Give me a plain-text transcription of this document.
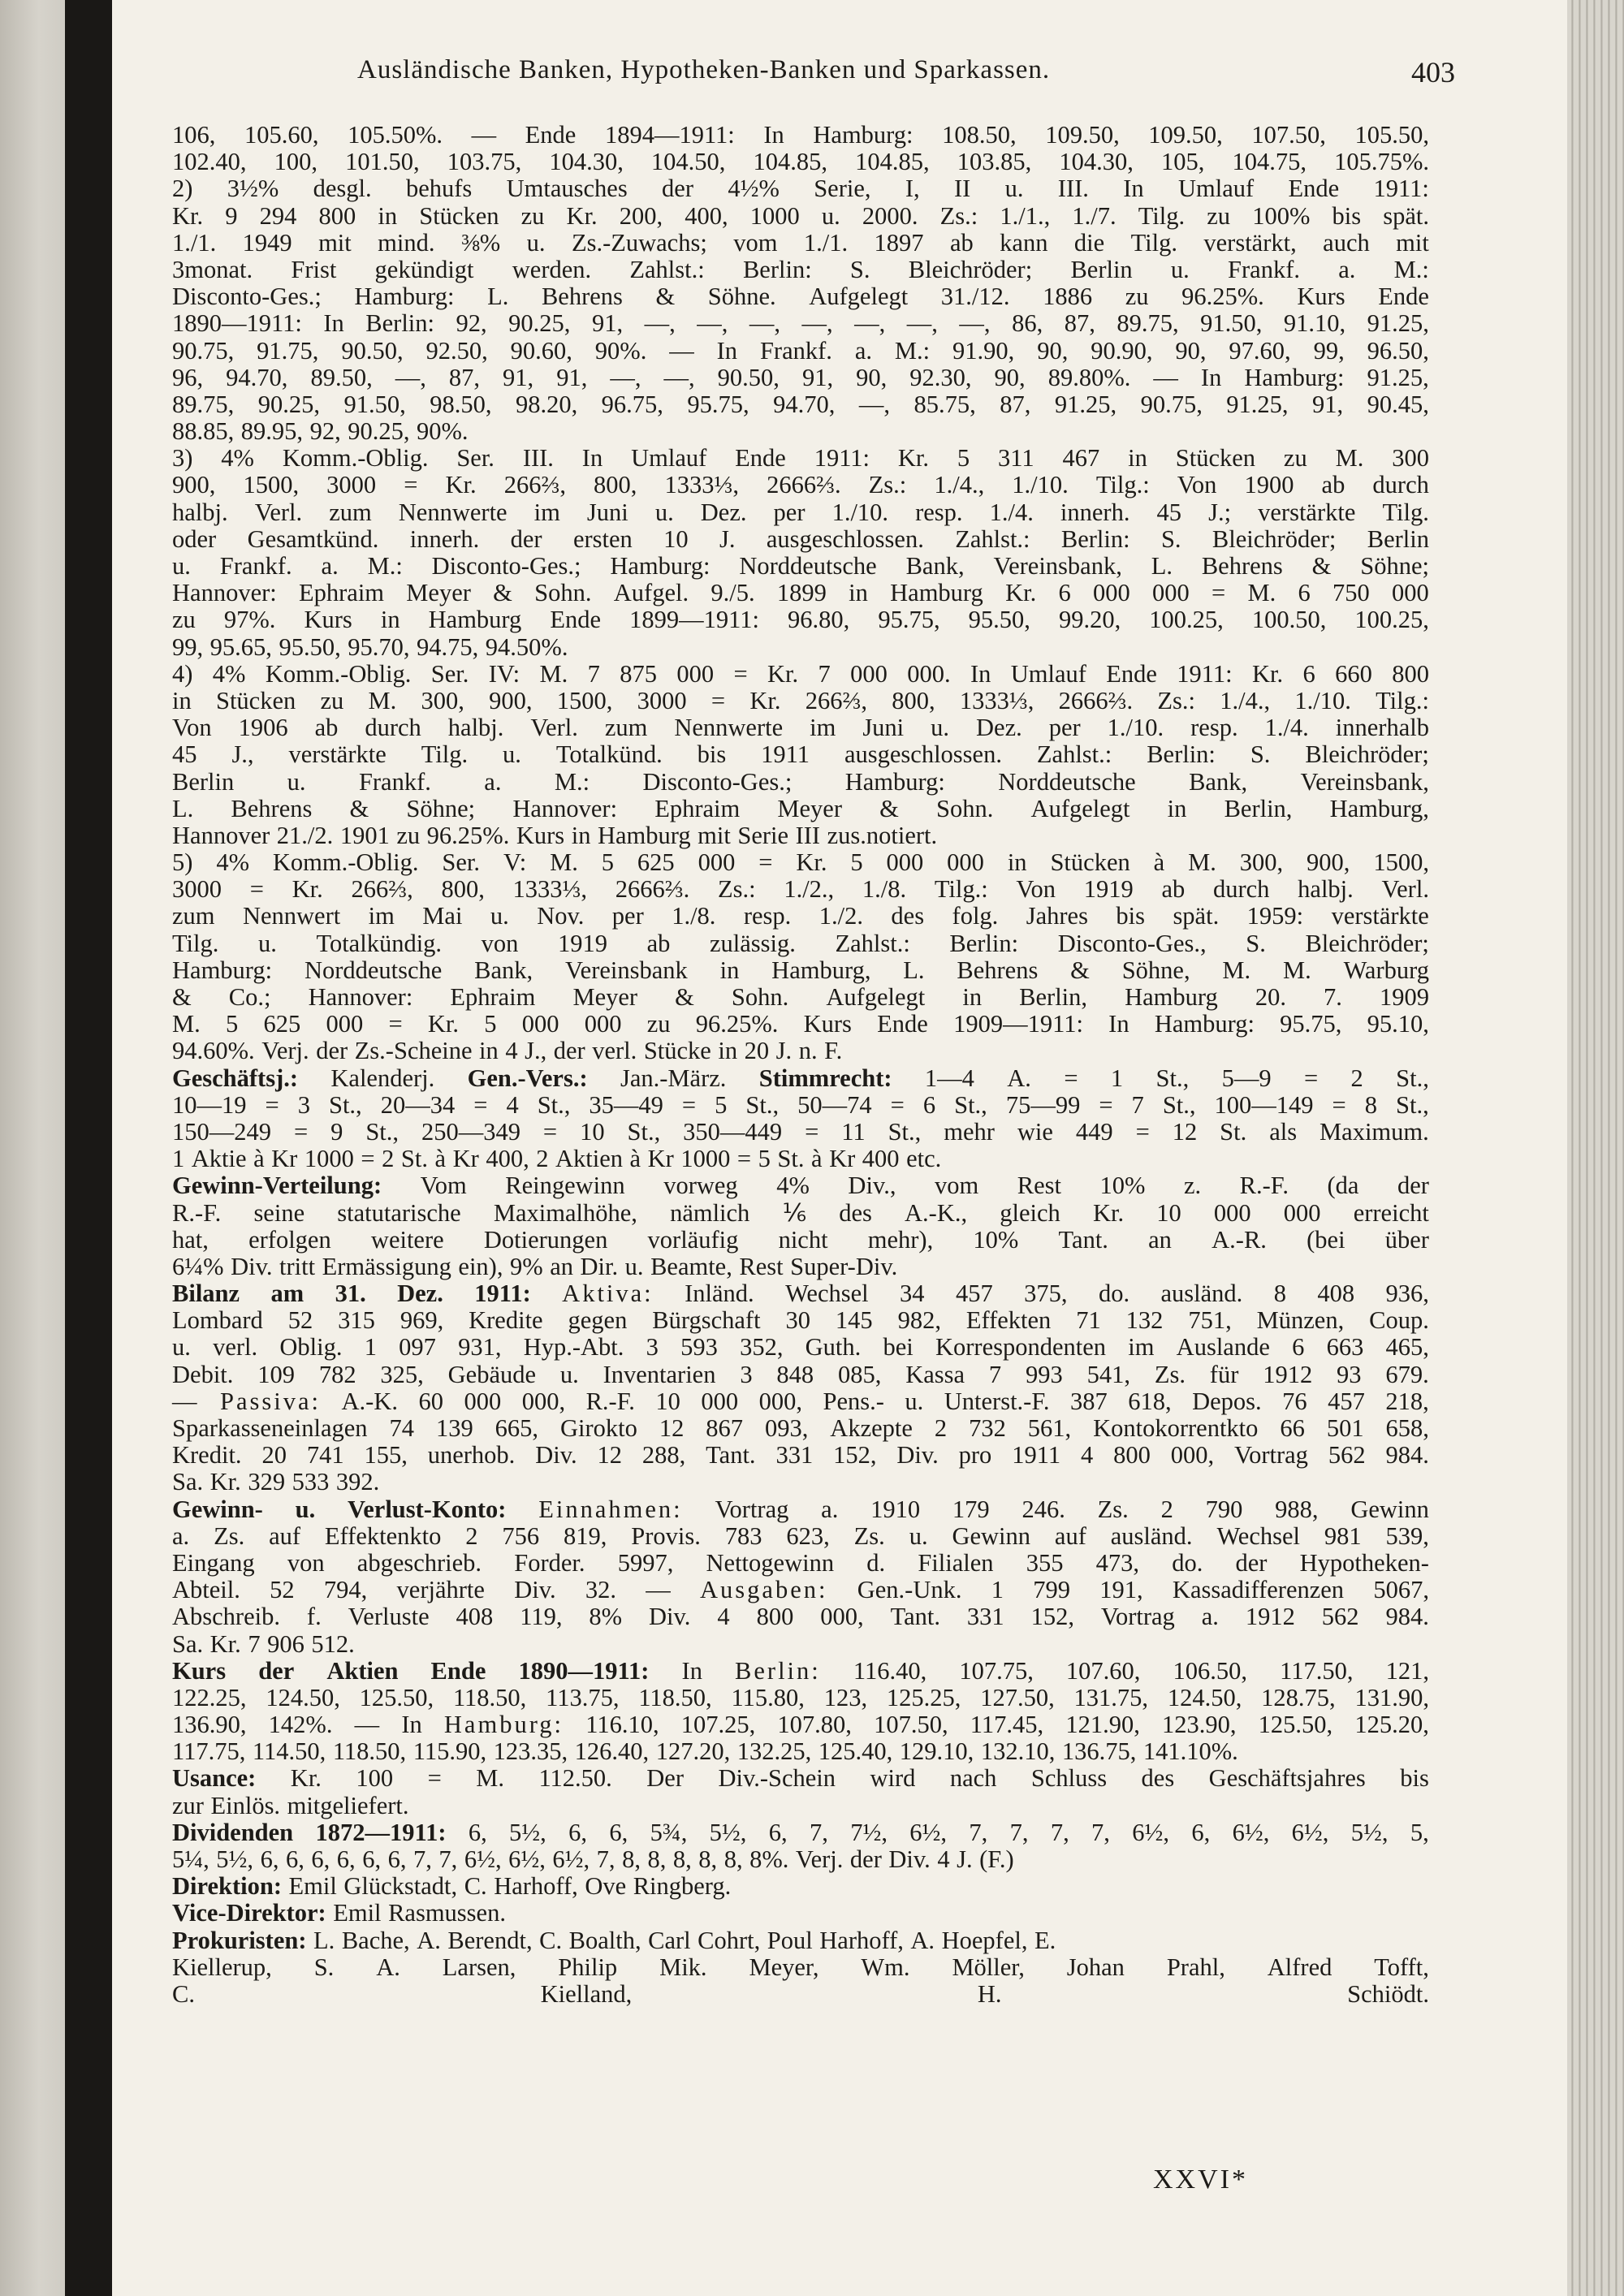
Ausländische Banken, Hypotheken-Banken und Sparkassen.	403
106, 105.60, 105.50%. — Ende 1894—1911: In Hamburg: 108.50, 109.50, 109.50, 107.50, 105.50,
102.40, 100, 101.50, 103.75, 104.30, 104.50, 104.85, 104.85, 103.85, 104.30, 105, 104.75, 105.75%.
2) 3½% desgl. behufs Umtausches der 4½% Serie, I, II u. III. In Umlauf Ende 1911:
Kr. 9 294 800 in Stücken zu Kr. 200, 400, 1000 u. 2000. Zs.: 1./1., 1./7. Tilg. zu 100% bis spät.
1./1. 1949 mit mind. ⅜% u. Zs.-Zuwachs; vom 1./1. 1897 ab kann die Tilg. verstärkt, auch mit
3monat. Frist gekündigt werden. Zahlst.: Berlin: S. Bleichröder; Berlin u. Frankf. a. M.:
Disconto-Ges.; Hamburg: L. Behrens & Söhne. Aufgelegt 31./12. 1886 zu 96.25%. Kurs Ende
1890—1911: In Berlin: 92, 90.25, 91, —, —, —, —, —, —, —, 86, 87, 89.75, 91.50, 91.10, 91.25,
90.75, 91.75, 90.50, 92.50, 90.60, 90%. — In Frankf. a. M.: 91.90, 90, 90.90, 90, 97.60, 99, 96.50,
96, 94.70, 89.50, —, 87, 91, 91, —, —, 90.50, 91, 90, 92.30, 90, 89.80%. — In Hamburg: 91.25,
89.75, 90.25, 91.50, 98.50, 98.20, 96.75, 95.75, 94.70, —, 85.75, 87, 91.25, 90.75, 91.25, 91, 90.45,
88.85, 89.95, 92, 90.25, 90%.
3) 4% Komm.-Oblig. Ser. III. In Umlauf Ende 1911: Kr. 5 311 467 in Stücken zu M. 300
900, 1500, 3000 = Kr. 266⅔, 800, 1333⅓, 2666⅔. Zs.: 1./4., 1./10. Tilg.: Von 1900 ab durch
halbj. Verl. zum Nennwerte im Juni u. Dez. per 1./10. resp. 1./4. innerh. 45 J.; verstärkte Tilg.
oder Gesamtkünd. innerh. der ersten 10 J. ausgeschlossen. Zahlst.: Berlin: S. Bleichröder; Berlin
u. Frankf. a. M.: Disconto-Ges.; Hamburg: Norddeutsche Bank, Vereinsbank, L. Behrens & Söhne;
Hannover: Ephraim Meyer & Sohn. Aufgel. 9./5. 1899 in Hamburg Kr. 6 000 000 = M. 6 750 000
zu 97%. Kurs in Hamburg Ende 1899—1911: 96.80, 95.75, 95.50, 99.20, 100.25, 100.50, 100.25,
99, 95.65, 95.50, 95.70, 94.75, 94.50%.
4) 4% Komm.-Oblig. Ser. IV: M. 7 875 000 = Kr. 7 000 000. In Umlauf Ende 1911: Kr. 6 660 800
in Stücken zu M. 300, 900, 1500, 3000 = Kr. 266⅔, 800, 1333⅓, 2666⅔. Zs.: 1./4., 1./10. Tilg.:
Von 1906 ab durch halbj. Verl. zum Nennwerte im Juni u. Dez. per 1./10. resp. 1./4. innerhalb
45 J., verstärkte Tilg. u. Totalkünd. bis 1911 ausgeschlossen. Zahlst.: Berlin: S. Bleichröder;
Berlin u. Frankf. a. M.: Disconto-Ges.; Hamburg: Norddeutsche Bank, Vereinsbank,
L. Behrens & Söhne; Hannover: Ephraim Meyer & Sohn. Aufgelegt in Berlin, Hamburg,
Hannover 21./2. 1901 zu 96.25%. Kurs in Hamburg mit Serie III zus.notiert.
5) 4% Komm.-Oblig. Ser. V: M. 5 625 000 = Kr. 5 000 000 in Stücken à M. 300, 900, 1500,
3000 = Kr. 266⅔, 800, 1333⅓, 2666⅔. Zs.: 1./2., 1./8. Tilg.: Von 1919 ab durch halbj. Verl.
zum Nennwert im Mai u. Nov. per 1./8. resp. 1./2. des folg. Jahres bis spät. 1959: verstärkte
Tilg. u. Totalkündig. von 1919 ab zulässig. Zahlst.: Berlin: Disconto-Ges., S. Bleichröder;
Hamburg: Norddeutsche Bank, Vereinsbank in Hamburg, L. Behrens & Söhne, M. M. Warburg
& Co.; Hannover: Ephraim Meyer & Sohn. Aufgelegt in Berlin, Hamburg 20. 7. 1909
M. 5 625 000 = Kr. 5 000 000 zu 96.25%. Kurs Ende 1909—1911: In Hamburg: 95.75, 95.10,
94.60%. Verj. der Zs.-Scheine in 4 J., der verl. Stücke in 20 J. n. F.
Geschäftsj.: Kalenderj. Gen.-Vers.: Jan.-März. Stimmrecht: 1—4 A. = 1 St., 5—9 = 2 St.,
10—19 = 3 St., 20—34 = 4 St., 35—49 = 5 St., 50—74 = 6 St., 75—99 = 7 St., 100—149 = 8 St.,
150—249 = 9 St., 250—349 = 10 St., 350—449 = 11 St., mehr wie 449 = 12 St. als Maximum.
1 Aktie à Kr 1000 = 2 St. à Kr 400, 2 Aktien à Kr 1000 = 5 St. à Kr 400 etc.
Gewinn-Verteilung: Vom Reingewinn vorweg 4% Div., vom Rest 10% z. R.-F. (da der
R.-F. seine statutarische Maximalhöhe, nämlich ⅙ des A.-K., gleich Kr. 10 000 000 erreicht
hat, erfolgen weitere Dotierungen vorläufig nicht mehr), 10% Tant. an A.-R. (bei über
6¼% Div. tritt Ermässigung ein), 9% an Dir. u. Beamte, Rest Super-Div.
Bilanz am 31. Dez. 1911: Aktiva: Inländ. Wechsel 34 457 375, do. ausländ. 8 408 936,
Lombard 52 315 969, Kredite gegen Bürgschaft 30 145 982, Effekten 71 132 751, Münzen, Coup.
u. verl. Oblig. 1 097 931, Hyp.-Abt. 3 593 352, Guth. bei Korrespondenten im Auslande 6 663 465,
Debit. 109 782 325, Gebäude u. Inventarien 3 848 085, Kassa 7 993 541, Zs. für 1912 93 679.
— Passiva: A.-K. 60 000 000, R.-F. 10 000 000, Pens.- u. Unterst.-F. 387 618, Depos. 76 457 218,
Sparkasseneinlagen 74 139 665, Girokto 12 867 093, Akzepte 2 732 561, Kontokorrentkto 66 501 658,
Kredit. 20 741 155, unerhob. Div. 12 288, Tant. 331 152, Div. pro 1911 4 800 000, Vortrag 562 984.
Sa. Kr. 329 533 392.
Gewinn- u. Verlust-Konto: Einnahmen: Vortrag a. 1910 179 246. Zs. 2 790 988, Gewinn
a. Zs. auf Effektenkto 2 756 819, Provis. 783 623, Zs. u. Gewinn auf ausländ. Wechsel 981 539,
Eingang von abgeschrieb. Forder. 5997, Nettogewinn d. Filialen 355 473, do. der Hypotheken-
Abteil. 52 794, verjährte Div. 32. — Ausgaben: Gen.-Unk. 1 799 191, Kassadifferenzen 5067,
Abschreib. f. Verluste 408 119, 8% Div. 4 800 000, Tant. 331 152, Vortrag a. 1912 562 984.
Sa. Kr. 7 906 512.
Kurs der Aktien Ende 1890—1911: In Berlin: 116.40, 107.75, 107.60, 106.50, 117.50, 121,
122.25, 124.50, 125.50, 118.50, 113.75, 118.50, 115.80, 123, 125.25, 127.50, 131.75, 124.50, 128.75, 131.90,
136.90, 142%. — In Hamburg: 116.10, 107.25, 107.80, 107.50, 117.45, 121.90, 123.90, 125.50, 125.20,
117.75, 114.50, 118.50, 115.90, 123.35, 126.40, 127.20, 132.25, 125.40, 129.10, 132.10, 136.75, 141.10%.
Usance: Kr. 100 = M. 112.50. Der Div.-Schein wird nach Schluss des Geschäftsjahres bis
zur Einlös. mitgeliefert.
Dividenden 1872—1911: 6, 5½, 6, 6, 5¾, 5½, 6, 7, 7½, 6½, 7, 7, 7, 7, 6½, 6, 6½, 6½, 5½, 5,
5¼, 5½, 6, 6, 6, 6, 6, 6, 7, 7, 6½, 6½, 6½, 7, 8, 8, 8, 8, 8, 8%. Verj. der Div. 4 J. (F.)
Direktion: Emil Glückstadt, C. Harhoff, Ove Ringberg.
Vice-Direktor: Emil Rasmussen.
Prokuristen: L. Bache, A. Berendt, C. Boalth, Carl Cohrt, Poul Harhoff, A. Hoepfel, E.
Kiellerup, S. A. Larsen, Philip Mik. Meyer, Wm. Möller, Johan Prahl, Alfred Tofft,
C.	Kielland,	H.	Schiödt.
XXVI*
